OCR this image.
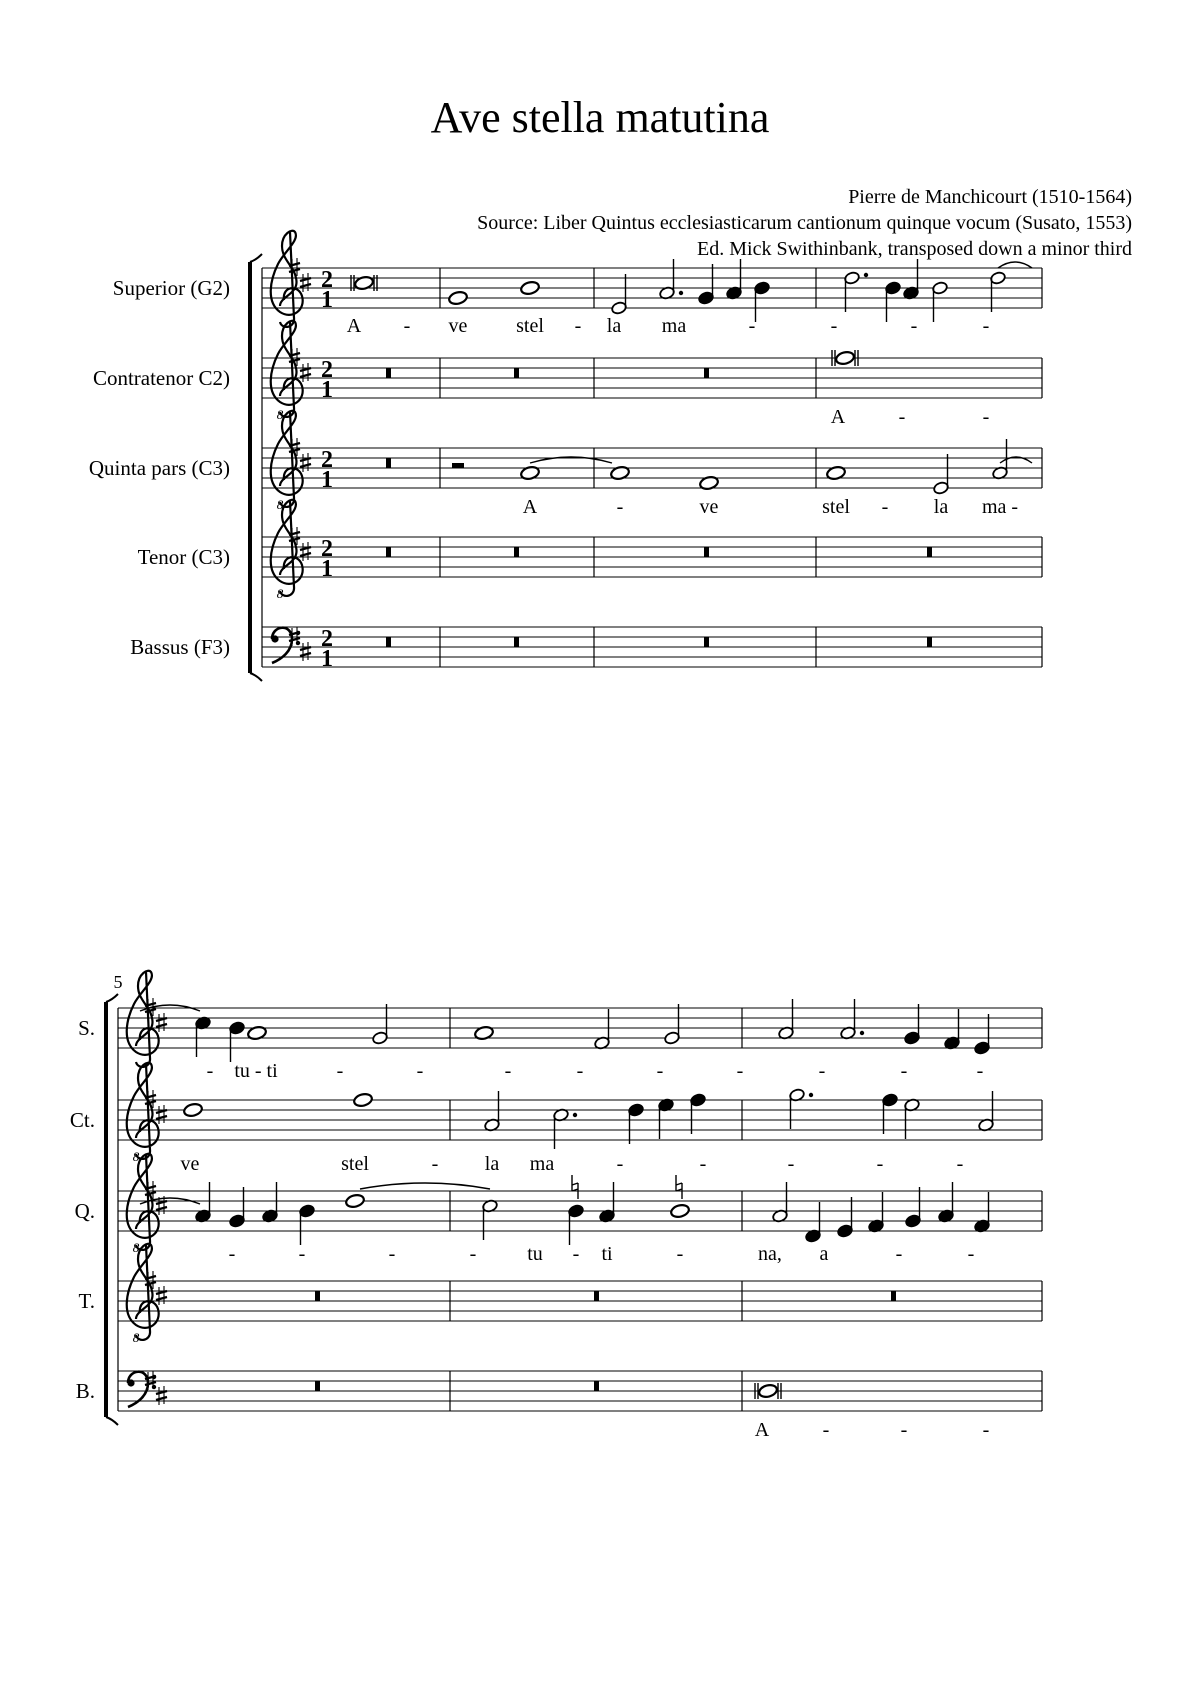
Ave stella matutina
Pierre de Manchicourt (1510-1564)
Source: Liber Quintus ecclesiasticarum cantionum quinque vocum (Susato, 1553)
Ed. Mick Swithinbank, transposed down a minor third
Superior (G2)	2
1
A - ve stel - la ma	-	-	-	-
Contratenor C2)
8
2
1
A	-	-
Quinta pars (C3)
8
2
1
A	-	ve	stel - la ma -
Tenor (C3)
8
2
1
Bassus (F3)	2
1
5
S.
- tu - ti	-	-	-	-	-	-	-	-	-
Ct.
8 ve	stel	- la ma	-	-	-	-	-
Q.
8	-	-	-	-	tu - ti	-	na, a	-	-
T.
8
B.
A	-	-	-
